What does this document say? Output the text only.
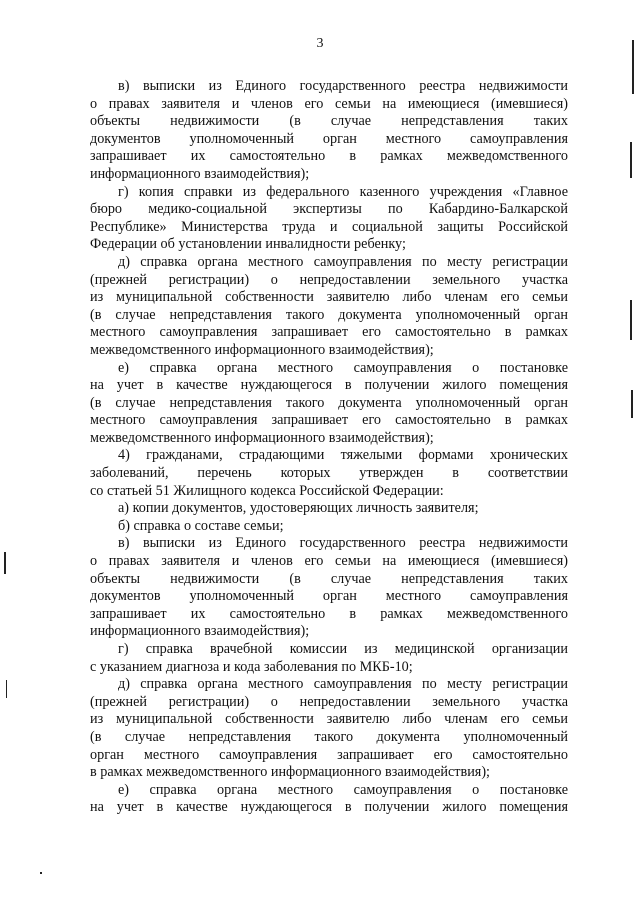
3
в) выписки из Единого государственного реестра недвижимости
о правах заявителя и членов его семьи на имеющиеся (имевшиеся)
объекты недвижимости (в случае непредставления таких
документов уполномоченный орган местного самоуправления
запрашивает их самостоятельно в рамках межведомственного
информационного взаимодействия);
г) копия справки из федерального казенного учреждения «Главное
бюро медико-социальной экспертизы по Кабардино-Балкарской
Республике» Министерства труда и социальной защиты Российской
Федерации об установлении инвалидности ребенку;
д) справка органа местного самоуправления по месту регистрации
(прежней регистрации) о непредоставлении земельного участка
из муниципальной собственности заявителю либо членам его семьи
(в случае непредставления такого документа уполномоченный орган
местного самоуправления запрашивает его самостоятельно в рамках
межведомственного информационного взаимодействия);
е) справка органа местного самоуправления о постановке
на учет в качестве нуждающегося в получении жилого помещения
(в случае непредставления такого документа уполномоченный орган
местного самоуправления запрашивает его самостоятельно в рамках
межведомственного информационного взаимодействия);
4) гражданами, страдающими тяжелыми формами хронических
заболеваний, перечень которых утвержден в соответствии
со статьей 51 Жилищного кодекса Российской Федерации:
а) копии документов, удостоверяющих личность заявителя;
б) справка о составе семьи;
в) выписки из Единого государственного реестра недвижимости
о правах заявителя и членов его семьи на имеющиеся (имевшиеся)
объекты недвижимости (в случае непредставления таких
документов уполномоченный орган местного самоуправления
запрашивает их самостоятельно в рамках межведомственного
информационного взаимодействия);
г) справка врачебной комиссии из медицинской организации
с указанием диагноза и кода заболевания по МКБ-10;
д) справка органа местного самоуправления по месту регистрации
(прежней регистрации) о непредоставлении земельного участка
из муниципальной собственности заявителю либо членам его семьи
(в случае непредставления такого документа уполномоченный
орган местного самоуправления запрашивает его самостоятельно
в рамках межведомственного информационного взаимодействия);
е) справка органа местного самоуправления о постановке
на учет в качестве нуждающегося в получении жилого помещения
